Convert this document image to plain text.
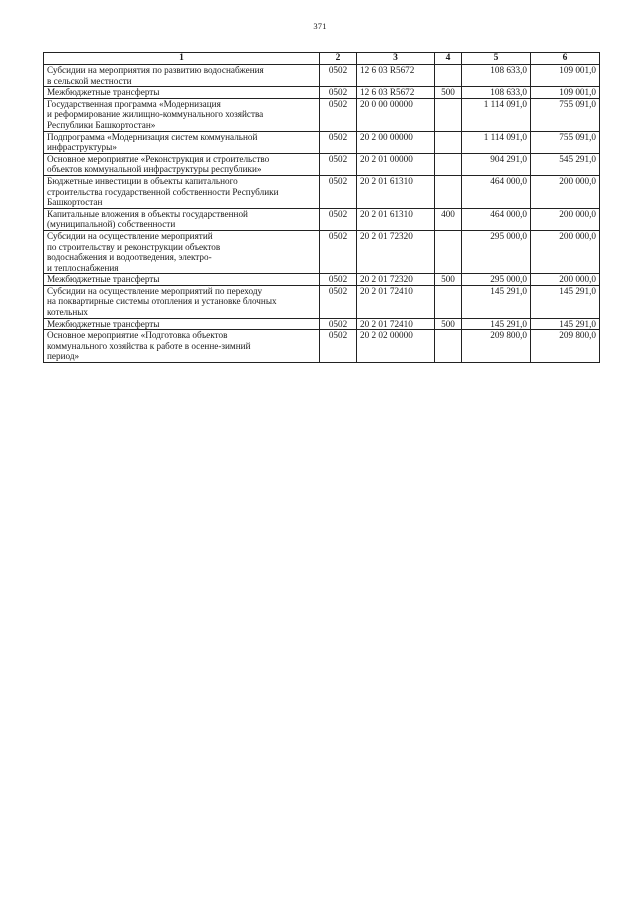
371
1	2	3	4	5	6

Субсидии на мероприятия по развитию водоснабжения
в сельской местности	0502	12 6 03 R5672		108 633,0	109 001,0

Межбюджетные трансферты	0502	12 6 03 R5672	500	108 633,0	109 001,0

Государственная программа «Модернизация
и реформирование жилищно-коммунального хозяйства
Республики Башкортостан»	0502	20 0 00 00000		1 114 091,0	755 091,0

Подпрограмма «Модернизация систем коммунальной
инфраструктуры»	0502	20 2 00 00000		1 114 091,0	755 091,0

Основное мероприятие «Реконструкция и строительство
объектов коммунальной инфраструктуры республики»	0502	20 2 01 00000		904 291,0	545 291,0

Бюджетные инвестиции в объекты капитального
строительства государственной собственности Республики
Башкортостан	0502	20 2 01 61310		464 000,0	200 000,0

Капитальные вложения в объекты государственной
(муниципальной) собственности	0502	20 2 01 61310	400	464 000,0	200 000,0

Субсидии на осуществление мероприятий
по строительству и реконструкции объектов
водоснабжения и водоотведения, электро-
и теплоснабжения	0502	20 2 01 72320		295 000,0	200 000,0

Межбюджетные трансферты	0502	20 2 01 72320	500	295 000,0	200 000,0

Субсидии на осуществление мероприятий по переходу
на поквартирные системы отопления и установке блочных
котельных	0502	20 2 01 72410		145 291,0	145 291,0

Межбюджетные трансферты	0502	20 2 01 72410	500	145 291,0	145 291,0

Основное мероприятие «Подготовка объектов
коммунального хозяйства к работе в осенне-зимний
период»	0502	20 2 02 00000		209 800,0	209 800,0
